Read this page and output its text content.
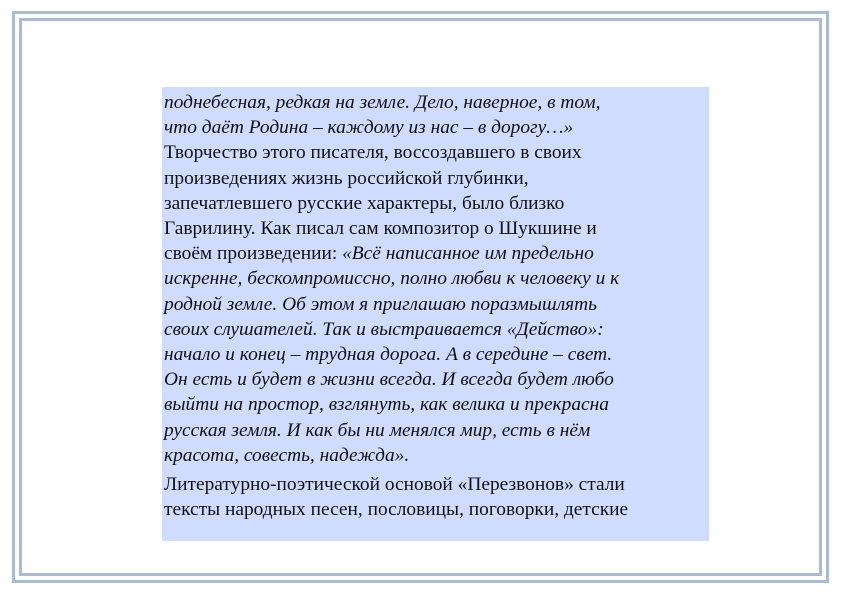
поднебесная, редкая на земле. Дело, наверное, в том,
что даёт Родина – каждому из нас – в дорогу…»
Творчество этого писателя, воссоздавшего в своих
произведениях жизнь российской глубинки,
запечатлевшего русские характеры, было близко
Гаврилину. Как писал сам композитор о Шукшине и
своём произведении: «Всё написанное им предельно
искренне, бескомпромиссно, полно любви к человеку и к
родной земле. Об этом я приглашаю поразмышлять
своих слушателей. Так и выстраивается «Действо»:
начало и конец – трудная дорога. А в середине – свет.
Он есть и будет в жизни всегда. И всегда будет любо
выйти на простор, взглянуть, как велика и прекрасна
русская земля. И как бы ни менялся мир, есть в нём
красота, совесть, надежда».
Литературно-поэтической основой «Перезвонов» стали
тексты народных песен, пословицы, поговорки, детские
